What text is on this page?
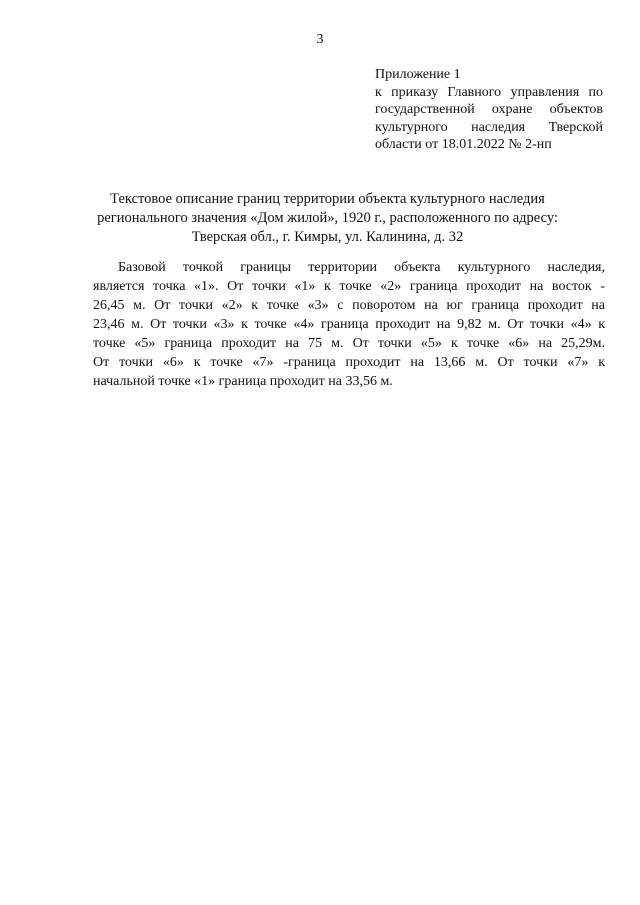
3
Приложение 1
к приказу Главного управления по
государственной охране объектов
культурного наследия Тверской
области от 18.01.2022 № 2-нп
Текстовое описание границ территории объекта культурного наследия
регионального значения «Дом жилой», 1920 г., расположенного по адресу:
Тверская обл., г. Кимры, ул. Калинина, д. 32
Базовой точкой границы территории объекта культурного наследия,
является точка «1». От точки «1» к точке «2» граница проходит на восток -
26,45 м. От точки «2» к точке «3» с поворотом на юг граница проходит на
23,46 м. От точки «3» к точке «4» граница проходит на 9,82 м. От точки «4» к
точке «5» граница проходит на 75 м. От точки «5» к точке «6» на 25,29м.
От точки «6» к точке «7» -граница проходит на 13,66 м. От точки «7» к
начальной точке «1» граница проходит на 33,56 м.
